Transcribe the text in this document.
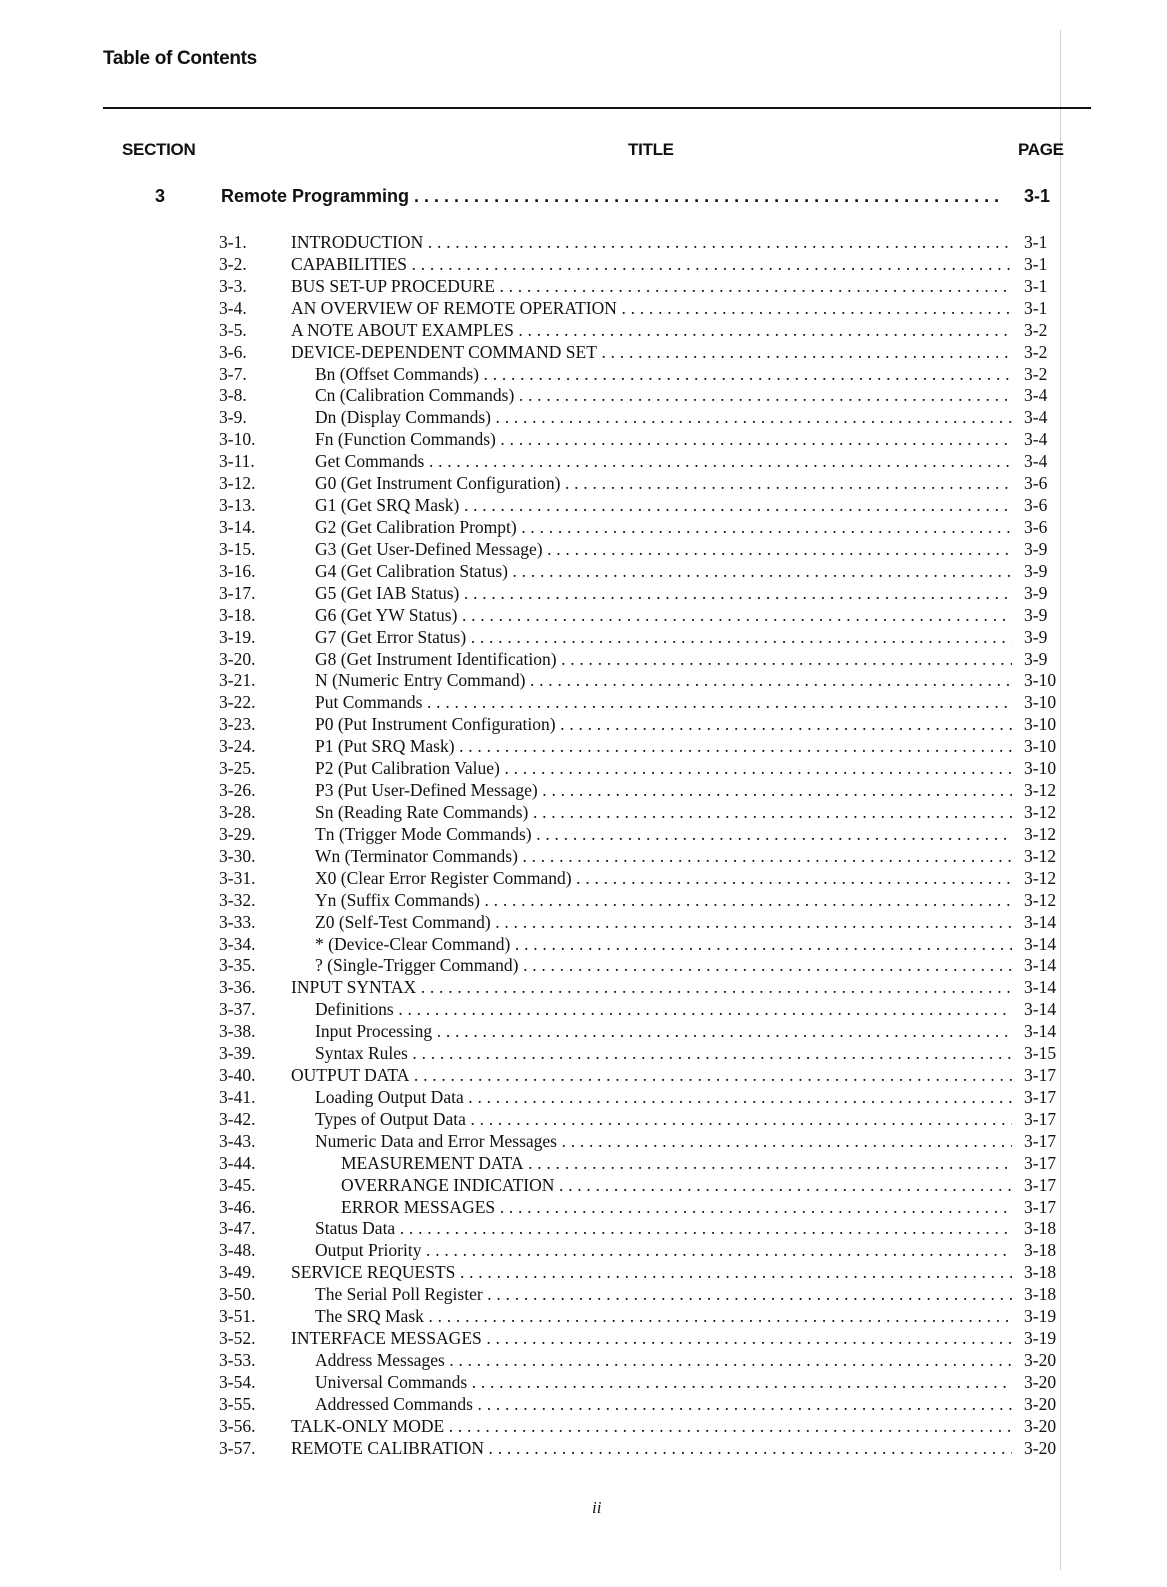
Table of Contents
SECTION	TITLE	PAGE
3	Remote Programming . . .	3-1
3-1.	INTRODUCTION . . .	3-1
3-2.	CAPABILITIES . . .	3-1
3-3.	BUS SET-UP PROCEDURE . . .	3-1
3-4.	AN OVERVIEW OF REMOTE OPERATION . . .	3-1
3-5.	A NOTE ABOUT EXAMPLES . . .	3-2
3-6.	DEVICE-DEPENDENT COMMAND SET . . .	3-2
3-7.	Bn (Offset Commands) . . .	3-2
3-8.	Cn (Calibration Commands) . . .	3-4
3-9.	Dn (Display Commands) . . .	3-4
3-10.	Fn (Function Commands) . . .	3-4
3-11.	Get Commands . . .	3-4
3-12.	G0 (Get Instrument Configuration) . . .	3-6
3-13.	G1 (Get SRQ Mask) . . .	3-6
3-14.	G2 (Get Calibration Prompt) . . .	3-6
3-15.	G3 (Get User-Defined Message) . . .	3-9
3-16.	G4 (Get Calibration Status) . . .	3-9
3-17.	G5 (Get IAB Status) . . .	3-9
3-18.	G6 (Get YW Status) . . .	3-9
3-19.	G7 (Get Error Status) . . .	3-9
3-20.	G8 (Get Instrument Identification) . . .	3-9
3-21.	N (Numeric Entry Command) . . .	3-10
3-22.	Put Commands . . .	3-10
3-23.	P0 (Put Instrument Configuration) . . .	3-10
3-24.	P1 (Put SRQ Mask) . . .	3-10
3-25.	P2 (Put Calibration Value) . . .	3-10
3-26.	P3 (Put User-Defined Message) . . .	3-12
3-28.	Sn (Reading Rate Commands) . . .	3-12
3-29.	Tn (Trigger Mode Commands) . . .	3-12
3-30.	Wn (Terminator Commands) . . .	3-12
3-31.	X0 (Clear Error Register Command) . . .	3-12
3-32.	Yn (Suffix Commands) . . .	3-12
3-33.	Z0 (Self-Test Command) . . .	3-14
3-34.	* (Device-Clear Command) . . .	3-14
3-35.	? (Single-Trigger Command) . . .	3-14
3-36. INPUT SYNTAX . . .	3-14
3-37.	Definitions . . .	3-14
3-38.	Input Processing . . .	3-14
3-39.	Syntax Rules . . .	3-15
3-40. OUTPUT DATA . . .	3-17
3-41.	Loading Output Data . . .	3-17
3-42.	Types of Output Data . . .	3-17
3-43.	Numeric Data and Error Messages . . .	3-17
3-44.	MEASUREMENT DATA . . .	3-17
3-45.	OVERRANGE INDICATION . . .	3-17
3-46.	ERROR MESSAGES . . .	3-17
3-47.	Status Data . . .	3-18
3-48.	Output Priority . . .	3-18
3-49. SERVICE REQUESTS . . .	3-18
3-50.	The Serial Poll Register . . .	3-18
3-51.	The SRQ Mask . . .	3-19
3-52. INTERFACE MESSAGES . . .	3-19
3-53.	Address Messages . . .	3-20
3-54.	Universal Commands . . .	3-20
3-55.	Addressed Commands . . .	3-20
3-56. TALK-ONLY MODE . . .	3-20
3-57. REMOTE CALIBRATION . . .	3-20
ii
